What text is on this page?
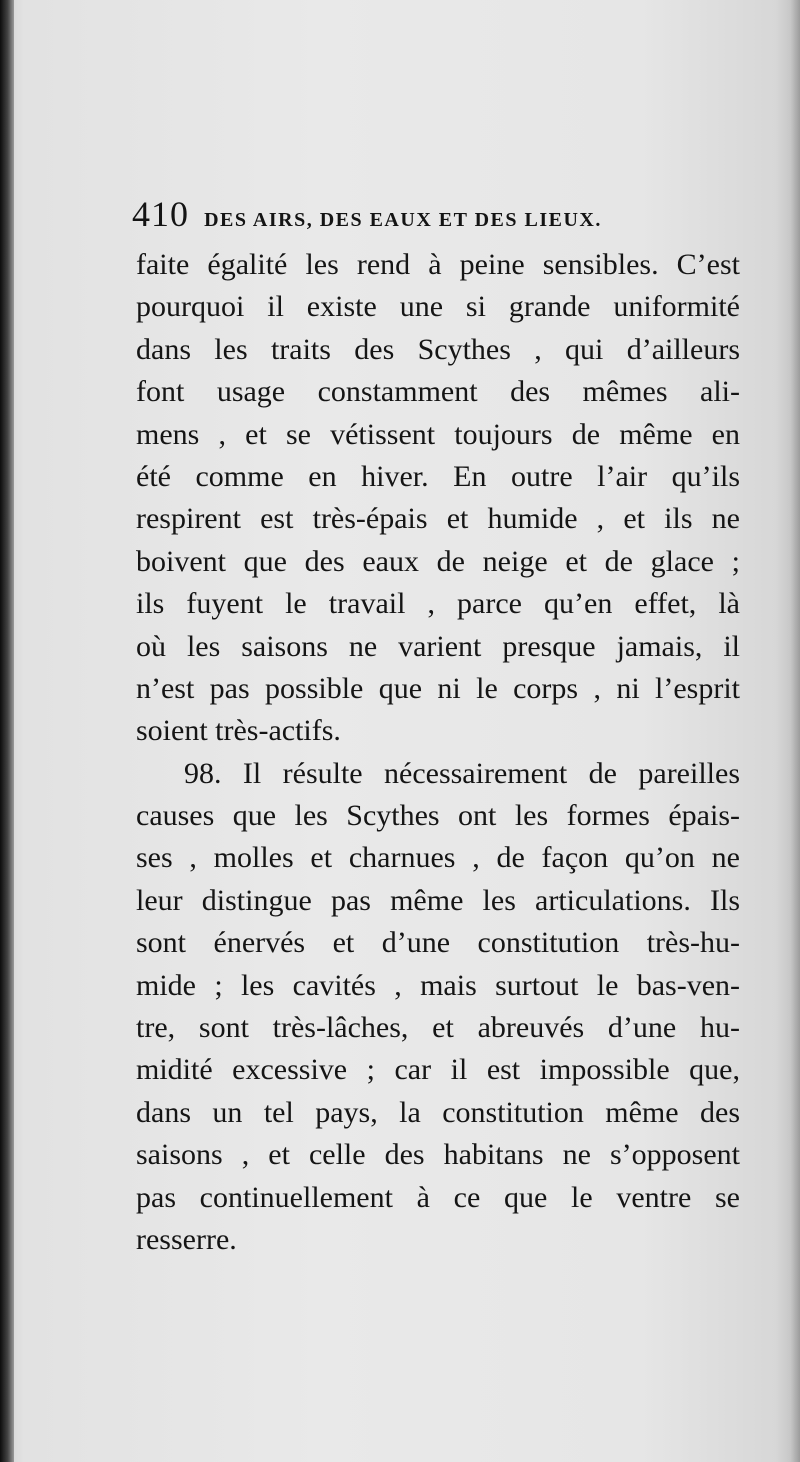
410 DES AIRS, DES EAUX ET DES LIEUX.
faite égalité les rend à peine sensibles. C’est
pourquoi il existe une si grande uniformité
dans les traits des Scythes , qui d’ailleurs
font usage constamment des mêmes ali-
mens , et se vétissent toujours de même en
été comme en hiver. En outre l’air qu’ils
respirent est très-épais et humide , et ils ne
boivent que des eaux de neige et de glace ;
ils fuyent le travail , parce qu’en effet, là
où les saisons ne varient presque jamais, il
n’est pas possible que ni le corps , ni l’esprit
soient très-actifs.
98. Il résulte nécessairement de pareilles
causes que les Scythes ont les formes épais-
ses , molles et charnues , de façon qu’on ne
leur distingue pas même les articulations. Ils
sont énervés et d’une constitution très-hu-
mide ; les cavités , mais surtout le bas-ven-
tre, sont très-lâches, et abreuvés d’une hu-
midité excessive ; car il est impossible que,
dans un tel pays, la constitution même des
saisons , et celle des habitans ne s’opposent
pas continuellement à ce que le ventre se
resserre.
